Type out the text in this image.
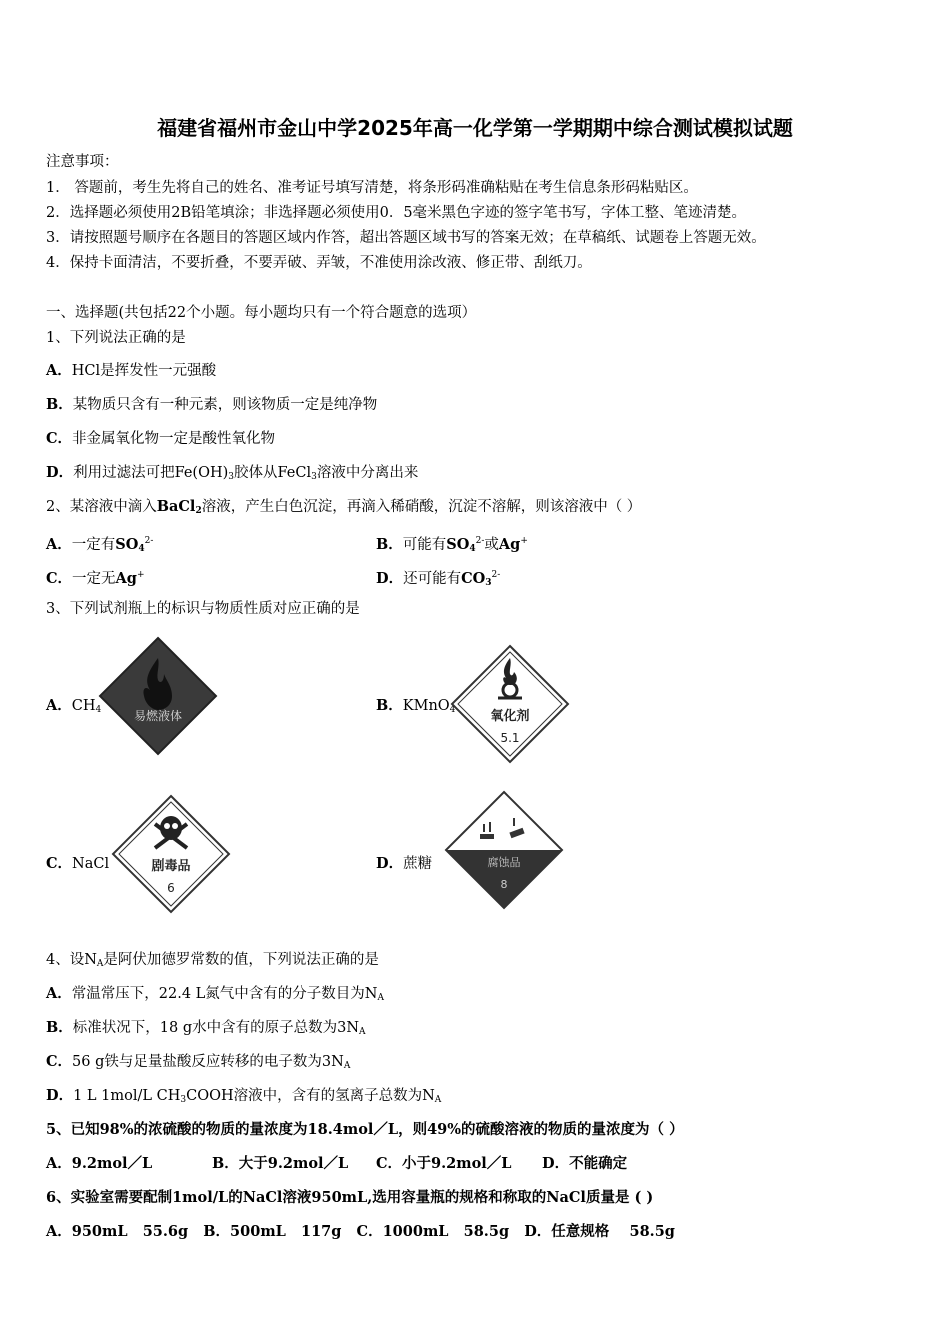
福建省福州市金山中学2025年高一化学第一学期期中综合测试模拟试题
注意事项：
1． 答题前，考生先将自己的姓名、准考证号填写清楚，将条形码准确粘贴在考生信息条形码粘贴区。
2．选择题必须使用2B铅笔填涂；非选择题必须使用0．5毫米黑色字迹的签字笔书写，字体工整、笔迹清楚。
3．请按照题号顺序在各题目的答题区域内作答，超出答题区域书写的答案无效；在草稿纸、试题卷上答题无效。
4．保持卡面清洁，不要折叠，不要弄破、弄皱，不准使用涂改液、修正带、刮纸刀。
一、选择题(共包括22个小题。每小题均只有一个符合题意的选项）
1、下列说法正确的是
A．HCl是挥发性一元强酸
B．某物质只含有一种元素，则该物质一定是纯净物
C．非金属氧化物一定是酸性氧化物
D．利用过滤法可把$Fe(OH)_3$胶体从FeCl$_3$溶液中分离出来
2、某溶液中滴入BaCl$_2$溶液，产生白色沉淀，再滴入稀硝酸，沉淀不溶解，则该溶液中（ ）
A．一定有$SO_4^{2-}$	B．可能有$SO_4^{2-}$或Ag+
C．一定无Ag+	D．还可能有$CO_3^{2-}$
3、下列试剂瓶上的标识与物质性质对应正确的是
A．$CH_4$	易燃液体
B．KMnO$_4$	氧化剂
5.1
C．NaCl	剧毒品
6
D．蔗糖	腐蚀品
8
4、设$N_A$是阿伏加德罗常数的值，下列说法正确的是
A．常温常压下，22.4 L氮气中含有的分子数目为$N_A$
B．标准状况下，18 g水中含有的原子总数为$3N_A$
C．56 g铁与足量盐酸反应转移的电子数为$3N_A$
D．1 L 1mol/L $CH_3COOH$溶液中，含有的氢离子总数为$N_A$
5、已知98%的浓硫酸的物质的量浓度为18.4mol／L，则49%的硫酸溶液的物质的量浓度为（ ）
A．9.2mol／L	B．大于9.2mol／L C．小于9.2mol／L D．不能确定
6、实验室需要配制1mol/L的NaCl溶液950mL,选用容量瓶的规格和称取的NaCl质量是 ( )
A．950mL   55.6g   B．500mL   117g   C．1000mL   58.5g   D．任意规格    58.5g
